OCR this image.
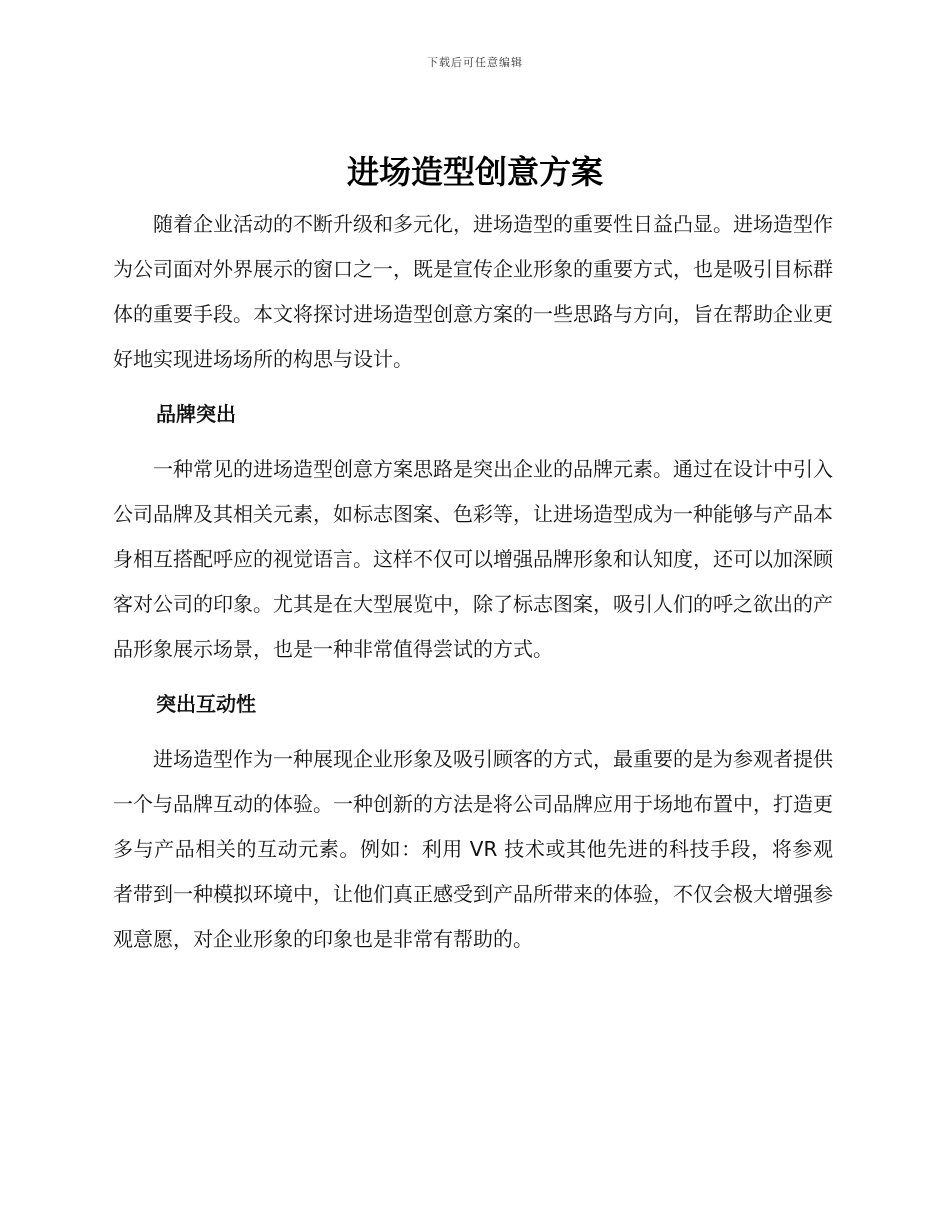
下载后可任意编辑
进场造型创意方案

随着企业活动的不断升级和多元化，进场造型的重要性日益凸显。进场造型作为公司面对外界展示的窗口之一，既是宣传企业形象的重要方式，也是吸引目标群体的重要手段。本文将探讨进场造型创意方案的一些思路与方向，旨在帮助企业更好地实现进场场所的构思与设计。

品牌突出

一种常见的进场造型创意方案思路是突出企业的品牌元素。通过在设计中引入公司品牌及其相关元素，如标志图案、色彩等，让进场造型成为一种能够与产品本身相互搭配呼应的视觉语言。这样不仅可以增强品牌形象和认知度，还可以加深顾客对公司的印象。尤其是在大型展览中，除了标志图案，吸引人们的呼之欲出的产品形象展示场景，也是一种非常值得尝试的方式。

突出互动性

进场造型作为一种展现企业形象及吸引顾客的方式，最重要的是为参观者提供一个与品牌互动的体验。一种创新的方法是将公司品牌应用于场地布置中，打造更多与产品相关的互动元素。例如：利用 VR 技术或其他先进的科技手段，将参观者带到一种模拟环境中，让他们真正感受到产品所带来的体验，不仅会极大增强参观意愿，对企业形象的印象也是非常有帮助的。
